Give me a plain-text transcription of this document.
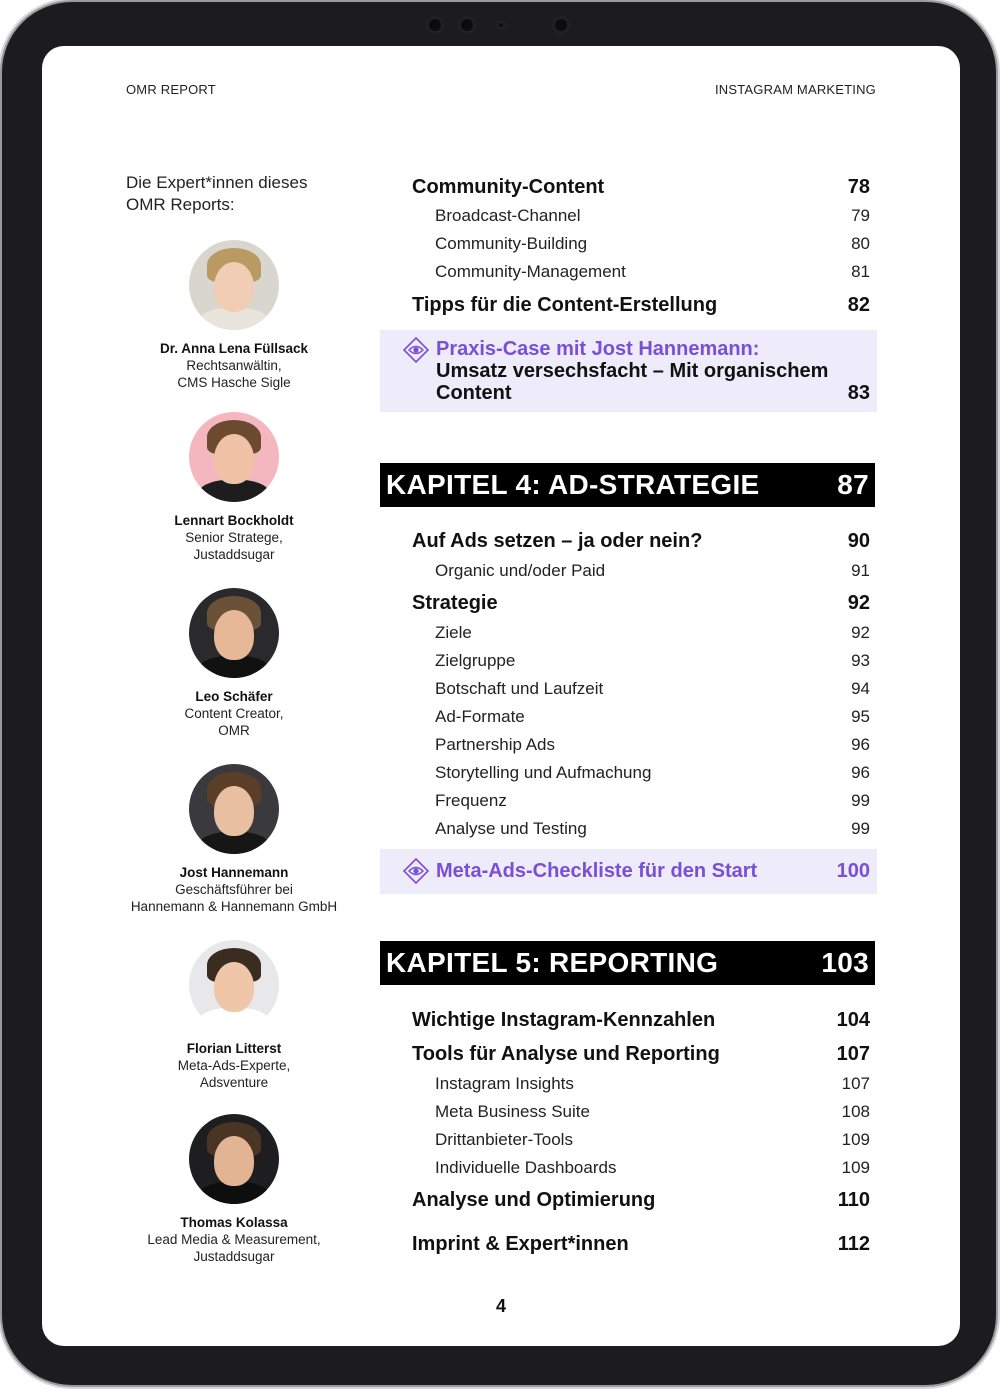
OMR REPORT	INSTAGRAM MARKETING
Die Expert*innen dieses OMR Reports:
Dr. Anna Lena Füllsack
Rechtsanwältin,
CMS Hasche Sigle
Lennart Bockholdt
Senior Stratege,
Justaddsugar
Leo Schäfer
Content Creator,
OMR
Jost Hannemann
Geschäftsführer bei
Hannemann & Hannemann GmbH
Florian Litterst
Meta-Ads-Experte,
Adsventure
Thomas Kolassa
Lead Media & Measurement,
Justaddsugar
Community-Content	78
Broadcast-Channel	79
Community-Building	80
Community-Management	81
Tipps für die Content-Erstellung	82
Praxis-Case mit Jost Hannemann:
Umsatz versechsfacht – Mit organischem
Content	83
KAPITEL 4: AD-STRATEGIE	87
Auf Ads setzen – ja oder nein?	90
Organic und/oder Paid	91
Strategie	92
Ziele	92
Zielgruppe	93
Botschaft und Laufzeit	94
Ad-Formate	95
Partnership Ads	96
Storytelling und Aufmachung	96
Frequenz	99
Analyse und Testing	99
Meta-Ads-Checkliste für den Start	100
KAPITEL 5: REPORTING	103
Wichtige Instagram-Kennzahlen	104
Tools für Analyse und Reporting	107
Instagram Insights	107
Meta Business Suite	108
Drittanbieter-Tools	109
Individuelle Dashboards	109
Analyse und Optimierung	110
Imprint & Expert*innen	112
4
